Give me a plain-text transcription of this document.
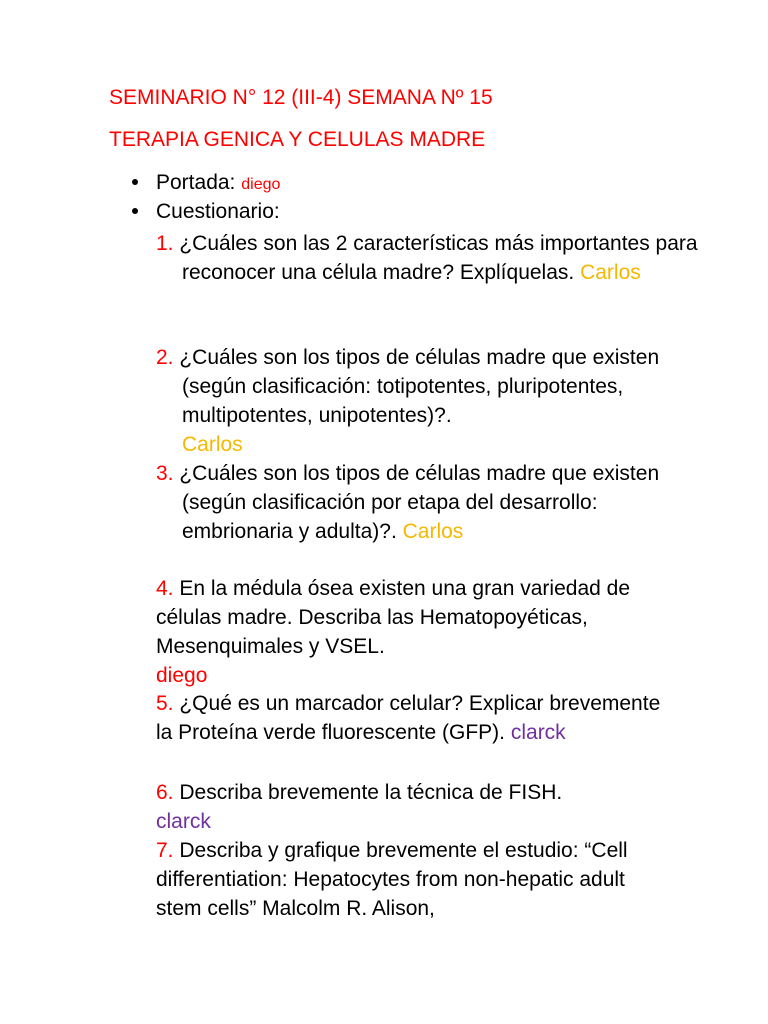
SEMINARIO N° 12 (III-4) SEMANA Nº 15
TERAPIA GENICA Y CELULAS MADRE
Portada: diego
Cuestionario:
1. ¿Cuáles son las 2 características más importantes para reconocer una célula madre? Explíquelas. Carlos
2. ¿Cuáles son los tipos de células madre que existen (según clasificación: totipotentes, pluripotentes, multipotentes, unipotentes)?.
Carlos
3. ¿Cuáles son los tipos de células madre que existen (según clasificación por etapa del desarrollo: embrionaria y adulta)?. Carlos
4. En la médula ósea existen una gran variedad de células madre. Describa las Hematopoyéticas, Mesenquimales y VSEL.
diego
5. ¿Qué es un marcador celular? Explicar brevemente la Proteína verde fluorescente (GFP). clarck
6. Describa brevemente la técnica de FISH.
clarck
7. Describa y grafique brevemente el estudio: “Cell differentiation: Hepatocytes from non-hepatic adult stem cells” Malcolm R. Alison,
